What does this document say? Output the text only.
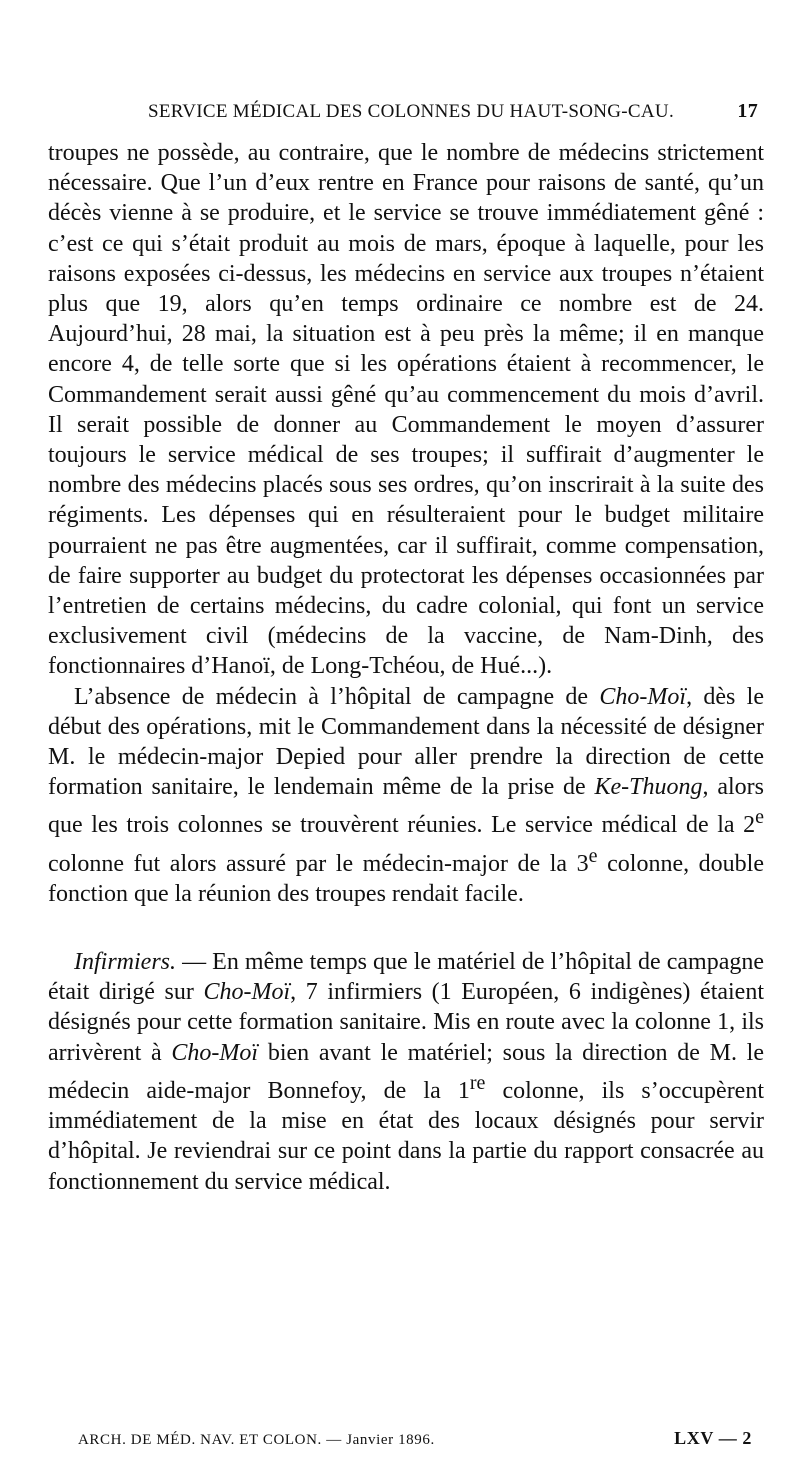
SERVICE MÉDICAL DES COLONNES DU HAUT-SONG-CAU.	17

troupes ne possède, au contraire, que le nombre de médecins strictement nécessaire. Que l’un d’eux rentre en France pour raisons de santé, qu’un décès vienne à se produire, et le service se trouve immédiatement gêné : c’est ce qui s’était produit au mois de mars, époque à laquelle, pour les raisons exposées ci-dessus, les médecins en service aux troupes n’étaient plus que 19, alors qu’en temps ordinaire ce nombre est de 24. Aujourd’hui, 28 mai, la situation est à peu près la même; il en manque encore 4, de telle sorte que si les opérations étaient à recommencer, le Commandement serait aussi gêné qu’au commencement du mois d’avril. Il serait possible de donner au Commandement le moyen d’assurer toujours le service médical de ses troupes; il suffirait d’augmenter le nombre des médecins placés sous ses ordres, qu’on inscrirait à la suite des régiments. Les dépenses qui en résulteraient pour le budget militaire pourraient ne pas être augmentées, car il suffirait, comme compensation, de faire supporter au budget du protectorat les dépenses occasionnées par l’entretien de certains médecins, du cadre colonial, qui font un service exclusivement civil (médecins de la vaccine, de Nam-Dinh, des fonctionnaires d’Hanoï, de Long-Tchéou, de Hué...).

L’absence de médecin à l’hôpital de campagne de Cho-Moï, dès le début des opérations, mit le Commandement dans la nécessité de désigner M. le médecin-major Depied pour aller prendre la direction de cette formation sanitaire, le lendemain même de la prise de Ke-Thuong, alors que les trois colonnes se trouvèrent réunies. Le service médical de la 2e colonne fut alors assuré par le médecin-major de la 3e colonne, double fonction que la réunion des troupes rendait facile.

Infirmiers. — En même temps que le matériel de l’hôpital de campagne était dirigé sur Cho-Moï, 7 infirmiers (1 Européen, 6 indigènes) étaient désignés pour cette formation sanitaire. Mis en route avec la colonne 1, ils arrivèrent à Cho-Moï bien avant le matériel; sous la direction de M. le médecin aide-major Bonnefoy, de la 1re colonne, ils s’occupèrent immédiatement de la mise en état des locaux désignés pour servir d’hôpital. Je reviendrai sur ce point dans la partie du rapport consacrée au fonctionnement du service médical.

ARCH. DE MÉD. NAV. ET COLON. — Janvier 1896.	LXV — 2
